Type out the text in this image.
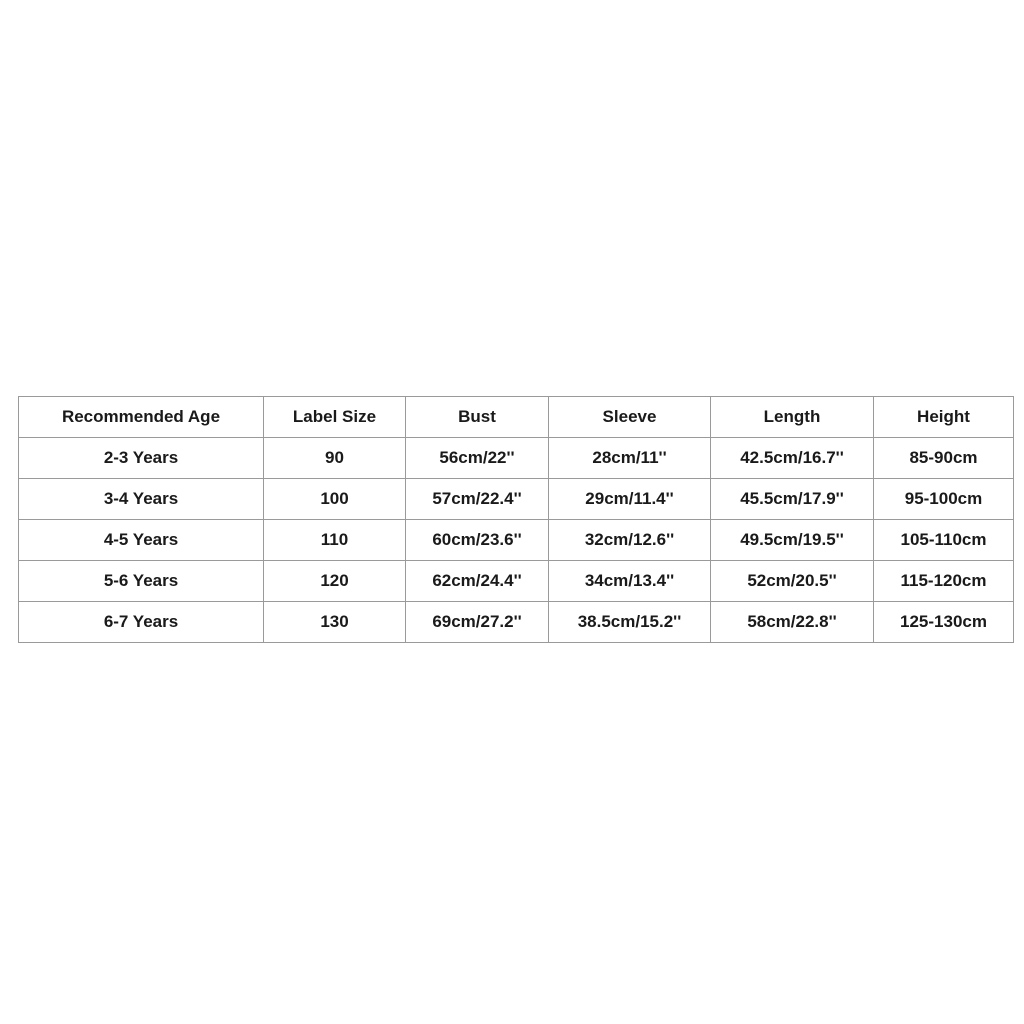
Recommended Age	Label Size	Bust	Sleeve	Length	Height
2-3 Years	90	56cm/22''	28cm/11''	42.5cm/16.7''	85-90cm
3-4 Years	100	57cm/22.4''	29cm/11.4''	45.5cm/17.9''	95-100cm
4-5 Years	110	60cm/23.6''	32cm/12.6''	49.5cm/19.5''	105-110cm
5-6 Years	120	62cm/24.4''	34cm/13.4''	52cm/20.5''	115-120cm
6-7 Years	130	69cm/27.2''	38.5cm/15.2''	58cm/22.8''	125-130cm
